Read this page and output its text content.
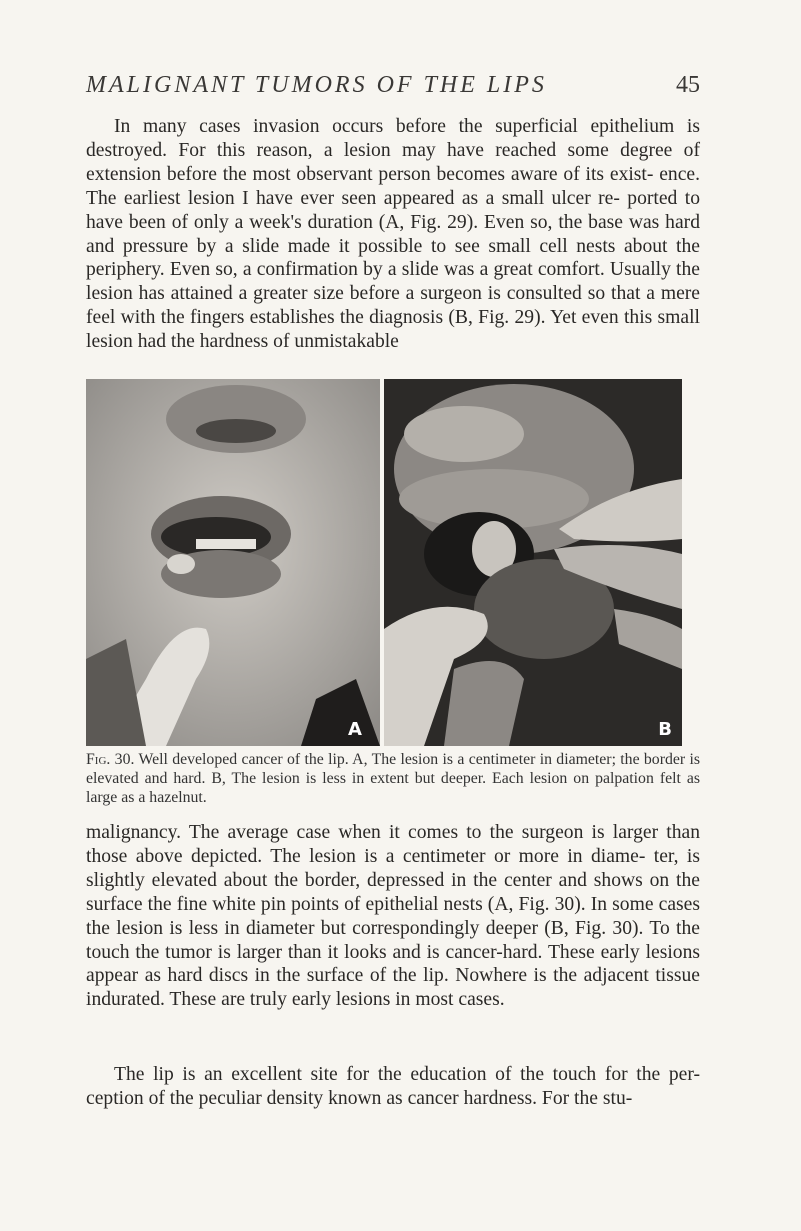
MALIGNANT TUMORS OF THE LIPS	45

In many cases invasion occurs before the superficial epithelium is destroyed. For this reason, a lesion may have reached some degree of extension before the most observant person becomes aware of its exist- ence. The earliest lesion I have ever seen appeared as a small ulcer re- ported to have been of only a week's duration (A, Fig. 29). Even so, the base was hard and pressure by a slide made it possible to see small cell nests about the periphery. Even so, a confirmation by a slide was a great comfort. Usually the lesion has attained a greater size before a surgeon is consulted so that a mere feel with the fingers establishes the diagnosis (B, Fig. 29). Yet even this small lesion had the hardness of unmistakable

A	B

Fig. 30. Well developed cancer of the lip. A, The lesion is a centimeter in diameter; the border is elevated and hard. B, The lesion is less in extent but deeper. Each lesion on palpation felt as large as a hazelnut.

malignancy. The average case when it comes to the surgeon is larger than those above depicted. The lesion is a centimeter or more in diame- ter, is slightly elevated about the border, depressed in the center and shows on the surface the fine white pin points of epithelial nests (A, Fig. 30). In some cases the lesion is less in diameter but correspondingly deeper (B, Fig. 30). To the touch the tumor is larger than it looks and is cancer-hard. These early lesions appear as hard discs in the surface of the lip. Nowhere is the adjacent tissue indurated. These are truly early lesions in most cases.

The lip is an excellent site for the education of the touch for the per- ception of the peculiar density known as cancer hardness. For the stu-
